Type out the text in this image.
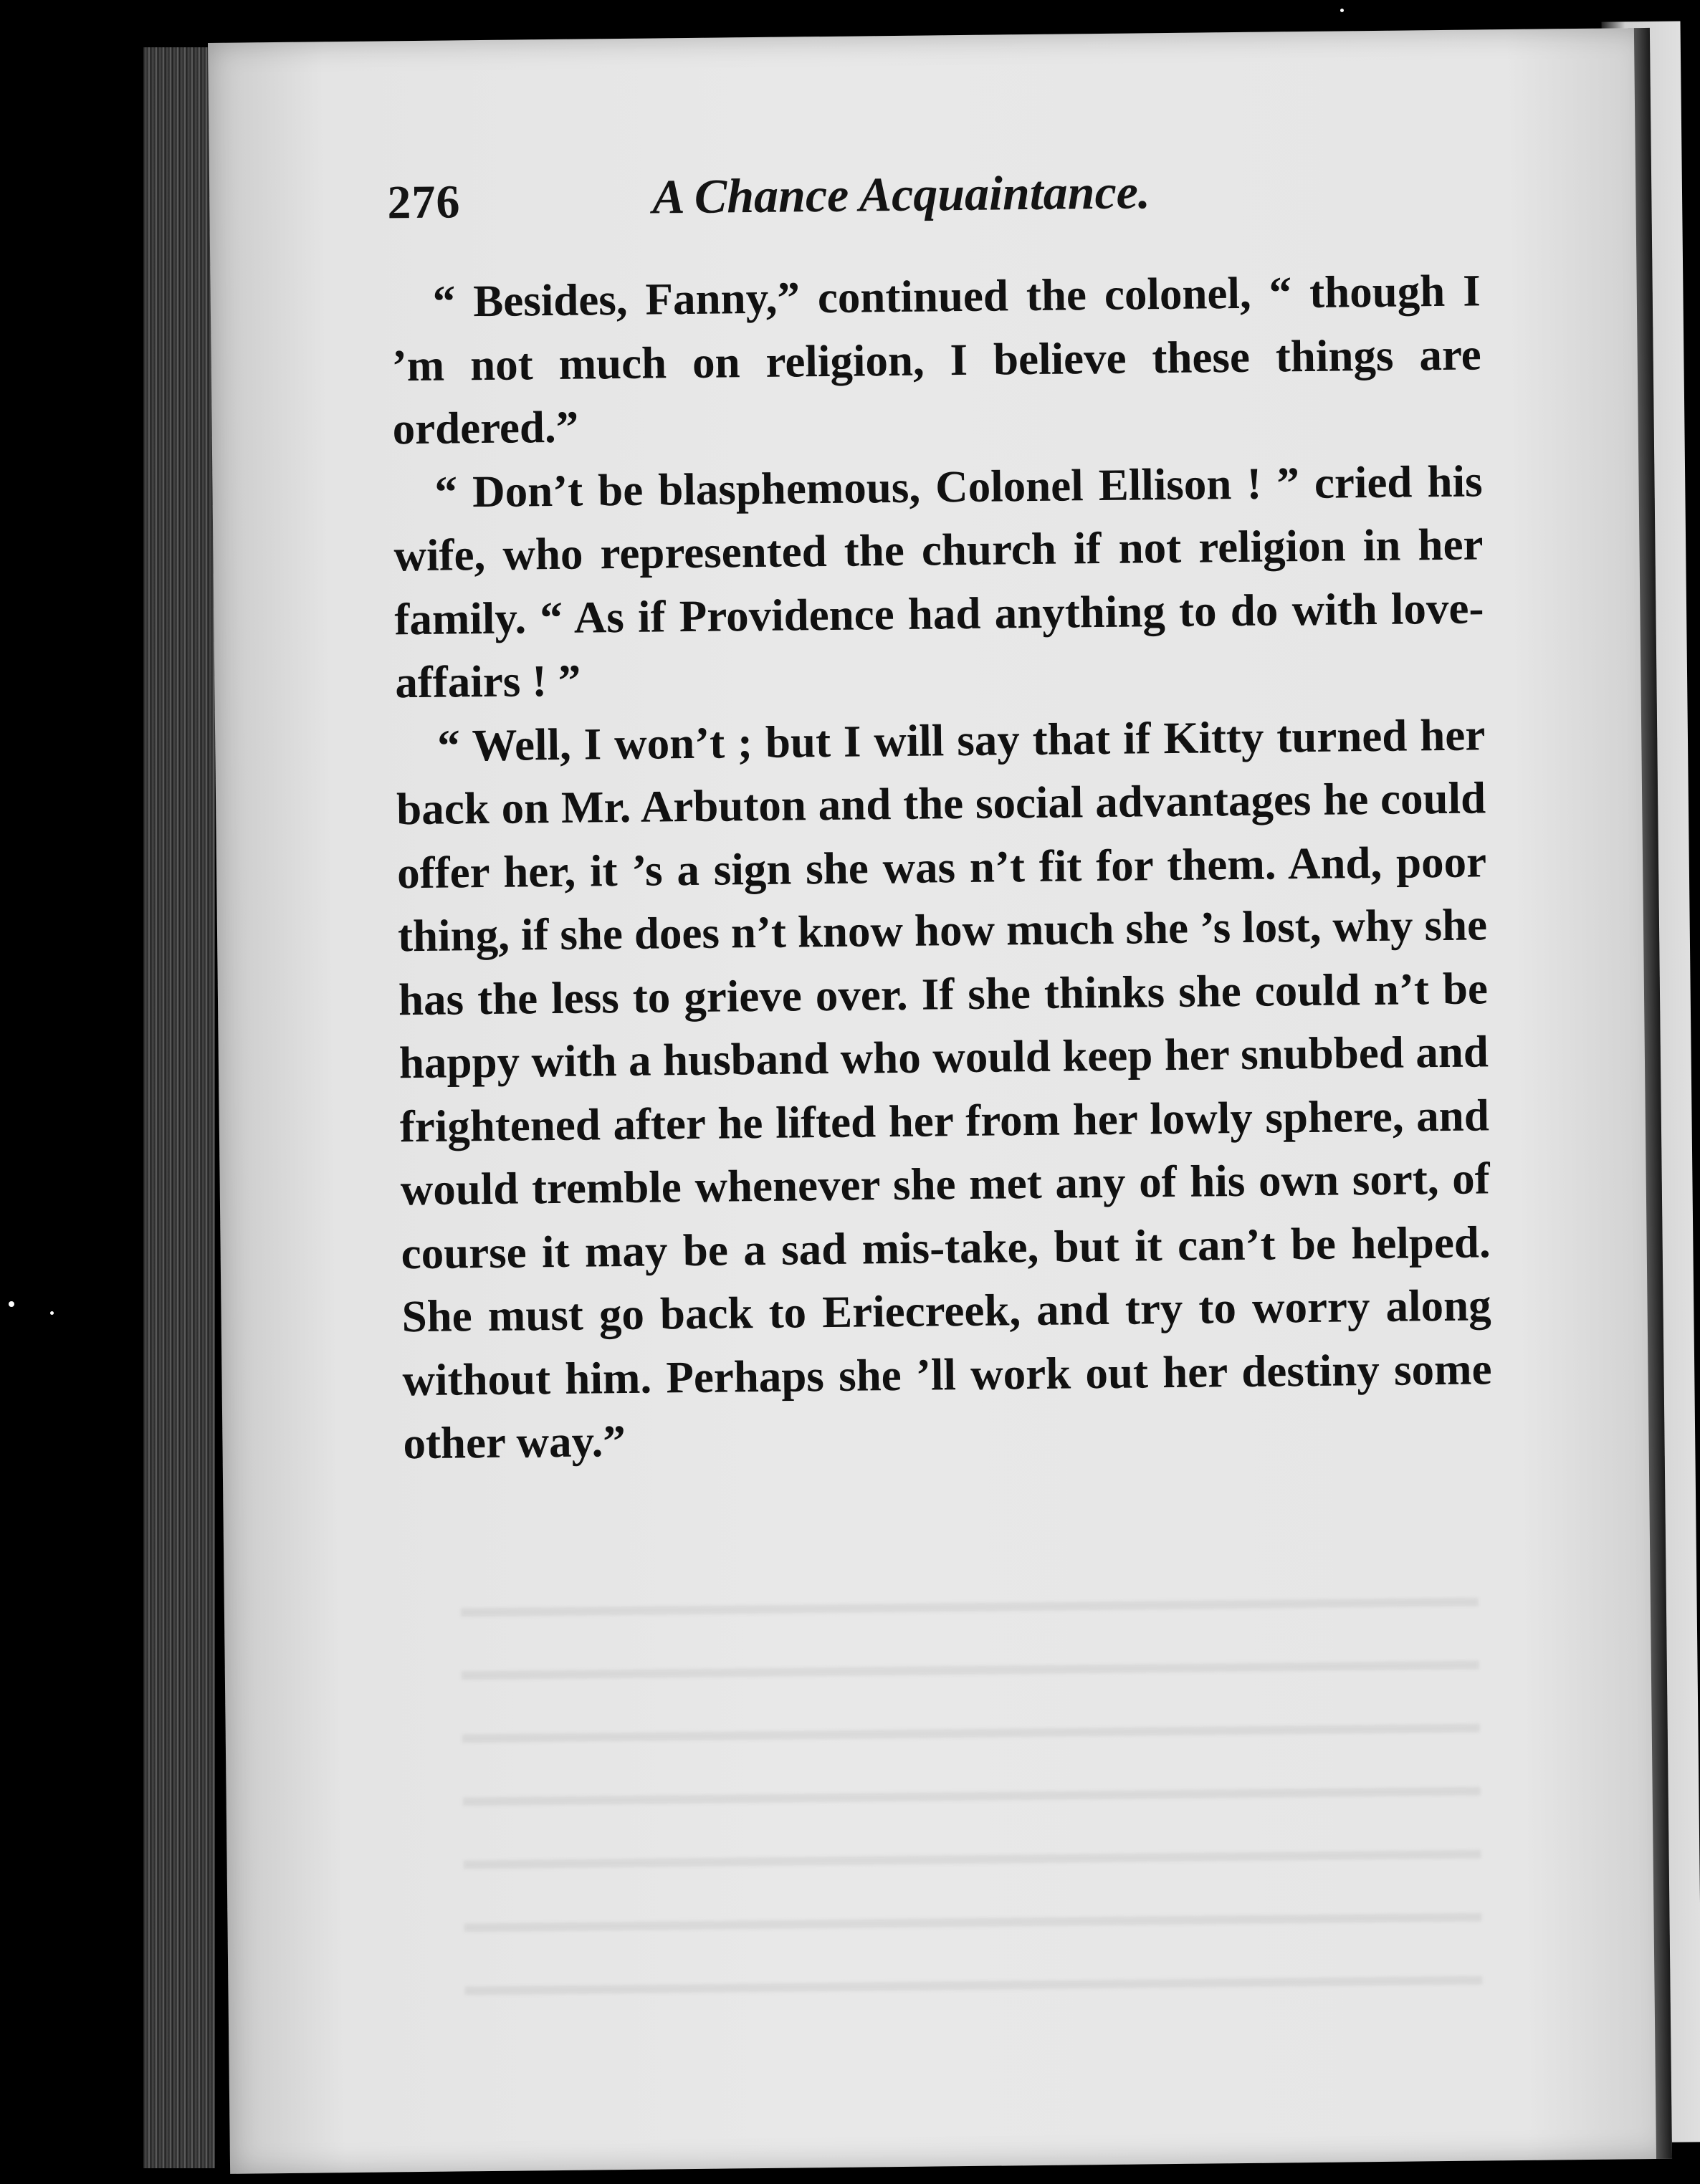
276	A Chance Acquaintance.

“ Besides, Fanny,” continued the colonel, “ though I ’m not much on religion, I believe these things are ordered.”

“ Don’t be blasphemous, Colonel Ellison ! ” cried his wife, who represented the church if not religion in her family. “ As if Providence had anything to do with love-affairs ! ”

“ Well, I won’t ; but I will say that if Kitty turned her back on Mr. Arbuton and the social advantages he could offer her, it ’s a sign she was n’t fit for them. And, poor thing, if she does n’t know how much she ’s lost, why she has the less to grieve over. If she thinks she could n’t be happy with a husband who would keep her snubbed and frightened after he lifted her from her lowly sphere, and would tremble whenever she met any of his own sort, of course it may be a sad mis-take, but it can’t be helped. She must go back to Eriecreek, and try to worry along without him. Perhaps she ’ll work out her destiny some other way.”
